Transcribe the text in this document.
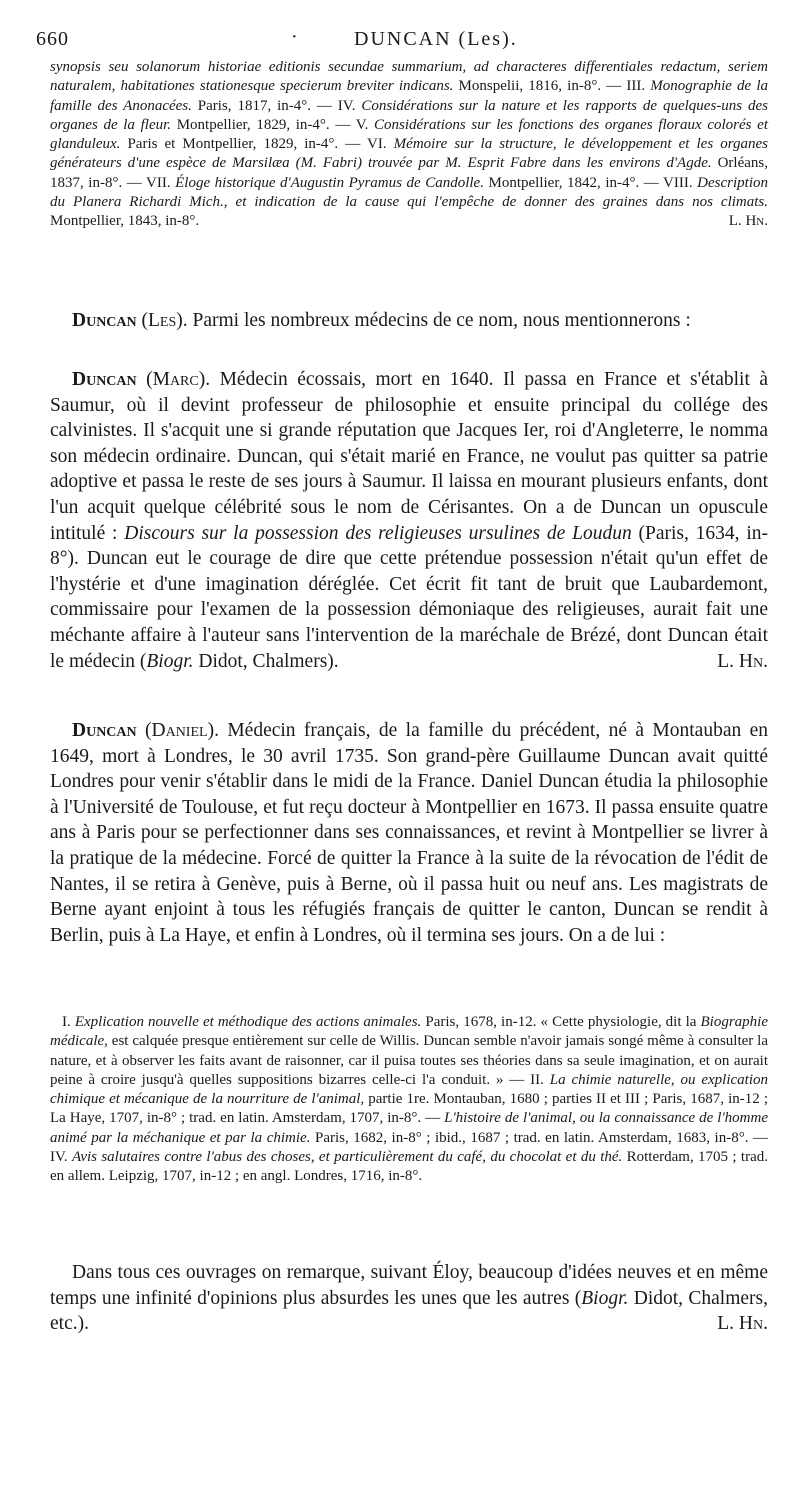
660	·	DUNCAN (Les).

synopsis seu solanorum historiae editionis secundae summarium, ad characteres differentiales redactum, seriem naturalem, habitationes stationesque specierum breviter indicans. Monspelii, 1816, in-8°. — III. Monographie de la famille des Anonacées. Paris, 1817, in-4°. — IV. Considérations sur la nature et les rapports de quelques-uns des organes de la fleur. Montpellier, 1829, in-4°. — V. Considérations sur les fonctions des organes floraux colorés et glanduleux. Paris et Montpellier, 1829, in-4°. — VI. Mémoire sur la structure, le développement et les organes générateurs d'une espèce de Marsilæa (M. Fabri) trouvée par M. Esprit Fabre dans les environs d'Agde. Orléans, 1837, in-8°. — VII. Éloge historique d'Augustin Pyramus de Candolle. Montpellier, 1842, in-4°. — VIII. Description du Planera Richardi Mich., et indication de la cause qui l'empêche de donner des graines dans nos climats. Montpellier, 1843, in-8°.	L. Hn.

Duncan (Les). Parmi les nombreux médecins de ce nom, nous mentionnerons :

Duncan (Marc). Médecin écossais, mort en 1640. Il passa en France et s'établit à Saumur, où il devint professeur de philosophie et ensuite principal du collége des calvinistes. Il s'acquit une si grande réputation que Jacques Ier, roi d'Angleterre, le nomma son médecin ordinaire. Duncan, qui s'était marié en France, ne voulut pas quitter sa patrie adoptive et passa le reste de ses jours à Saumur. Il laissa en mourant plusieurs enfants, dont l'un acquit quelque célébrité sous le nom de Cérisantes. On a de Duncan un opuscule intitulé : Discours sur la possession des religieuses ursulines de Loudun (Paris, 1634, in-8°). Duncan eut le courage de dire que cette prétendue possession n'était qu'un effet de l'hystérie et d'une imagination déréglée. Cet écrit fit tant de bruit que Laubardemont, commissaire pour l'examen de la possession démoniaque des religieuses, aurait fait une méchante affaire à l'auteur sans l'intervention de la maréchale de Brézé, dont Duncan était le médecin (Biogr. Didot, Chalmers).	L. Hn.

Duncan (Daniel). Médecin français, de la famille du précédent, né à Montauban en 1649, mort à Londres, le 30 avril 1735. Son grand-père Guillaume Duncan avait quitté Londres pour venir s'établir dans le midi de la France. Daniel Duncan étudia la philosophie à l'Université de Toulouse, et fut reçu docteur à Montpellier en 1673. Il passa ensuite quatre ans à Paris pour se perfectionner dans ses connaissances, et revint à Montpellier se livrer à la pratique de la médecine. Forcé de quitter la France à la suite de la révocation de l'édit de Nantes, il se retira à Genève, puis à Berne, où il passa huit ou neuf ans. Les magistrats de Berne ayant enjoint à tous les réfugiés français de quitter le canton, Duncan se rendit à Berlin, puis à La Haye, et enfin à Londres, où il termina ses jours. On a de lui :

I. Explication nouvelle et méthodique des actions animales. Paris, 1678, in-12. « Cette physiologie, dit la Biographie médicale, est calquée presque entièrement sur celle de Willis. Duncan semble n'avoir jamais songé même à consulter la nature, et à observer les faits avant de raisonner, car il puisa toutes ses théories dans sa seule imagination, et on aurait peine à croire jusqu'à quelles suppositions bizarres celle-ci l'a conduit. » — II. La chimie naturelle, ou explication chimique et mécanique de la nourriture de l'animal, partie 1re. Montauban, 1680 ; parties II et III ; Paris, 1687, in-12 ; La Haye, 1707, in-8° ; trad. en latin. Amsterdam, 1707, in-8°. — L'histoire de l'animal, ou la connaissance de l'homme animé par la méchanique et par la chimie. Paris, 1682, in-8° ; ibid., 1687 ; trad. en latin. Amsterdam, 1683, in-8°. — IV. Avis salutaires contre l'abus des choses, et particulièrement du café, du chocolat et du thé. Rotterdam, 1705 ; trad. en allem. Leipzig, 1707, in-12 ; en angl. Londres, 1716, in-8°.

Dans tous ces ouvrages on remarque, suivant Éloy, beaucoup d'idées neuves et en même temps une infinité d'opinions plus absurdes les unes que les autres (Biogr. Didot, Chalmers, etc.).	L. Hn.
